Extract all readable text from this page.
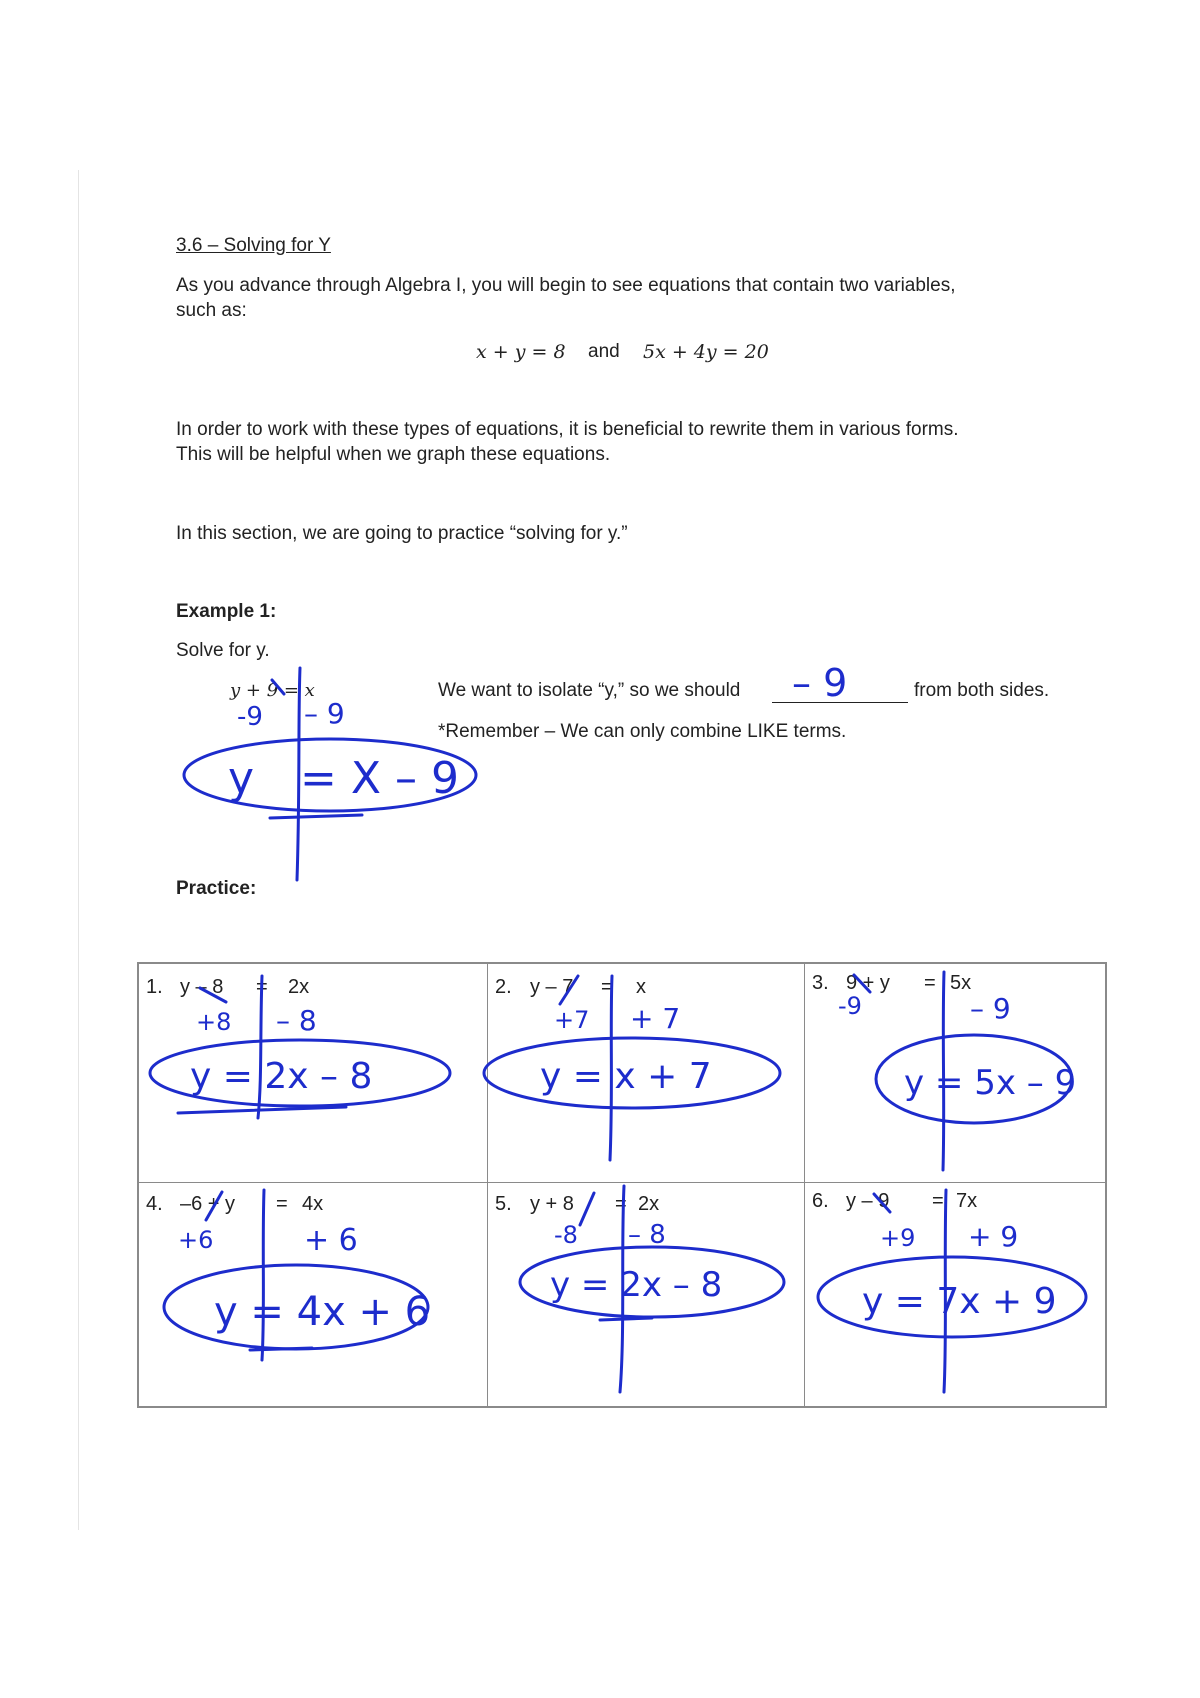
3.6 – Solving for Y
As you advance through Algebra I, you will begin to see equations that contain two variables,
such as:
x + y = 8 and 5x + 4y = 20
In order to work with these types of equations, it is beneficial to rewrite them in various forms.
This will be helpful when we graph these equations.
In this section, we are going to practice “solving for y.”
Example 1:
Solve for y.
y + 9 = x	We want to isolate “y,” so we should	from both sides.
*Remember – We can only combine LIKE terms.
Practice:
1. y – 8 = 2x	2. y – 7 = x	3. 9 + y = 5x
4. –6 + y = 4x	5. y + 8 = 2x	6. y – 9 = 7x
– 9
-9 – 9
y = X – 9
+8 – 8
y = 2x – 8
+7 + 7
y = x + 7
-9	– 9
y = 5x – 9
+6	+ 6
y = 4x + 6
-8 – 8
y = 2x – 8
+9 + 9
y = 7x + 9
